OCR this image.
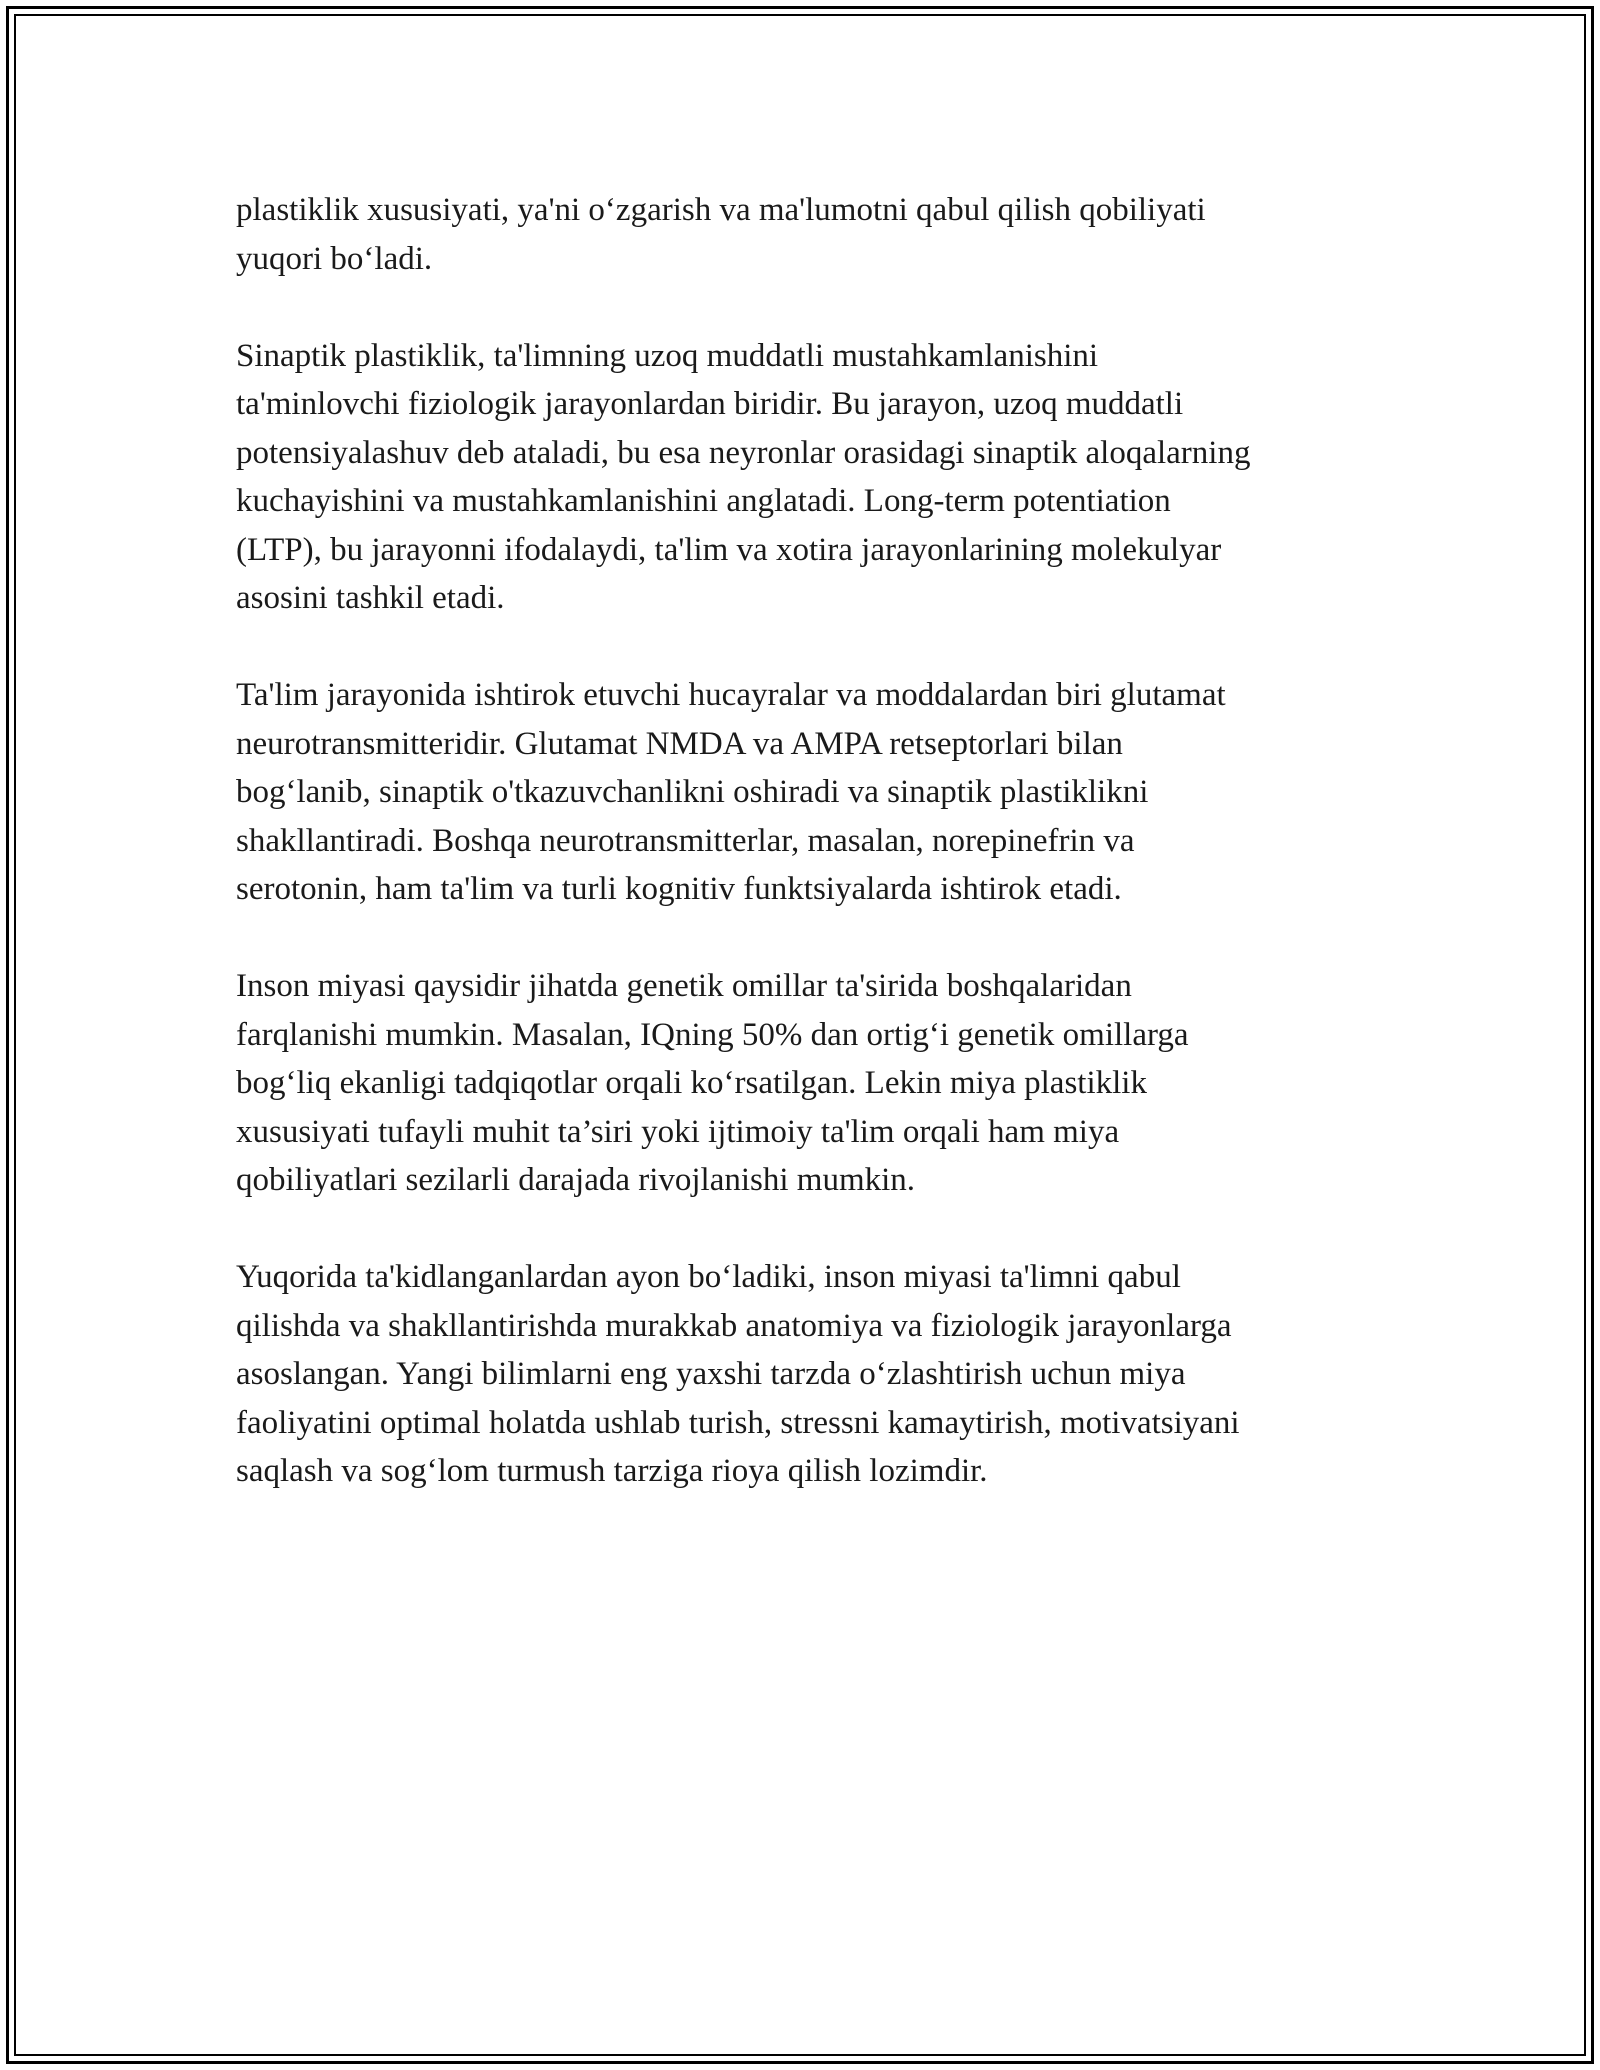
plastiklik xususiyati, ya'ni oʻzgarish va ma'lumotni qabul qilish qobiliyati
yuqori boʻladi.

Sinaptik plastiklik, ta'limning uzoq muddatli mustahkamlanishini
ta'minlovchi fiziologik jarayonlardan biridir. Bu jarayon, uzoq muddatli
potensiyalashuv deb ataladi, bu esa neyronlar orasidagi sinaptik aloqalarning
kuchayishini va mustahkamlanishini anglatadi. Long-term potentiation
(LTP), bu jarayonni ifodalaydi, ta'lim va xotira jarayonlarining molekulyar
asosini tashkil etadi.

Ta'lim jarayonida ishtirok etuvchi hucayralar va moddalardan biri glutamat
neurotransmitteridir. Glutamat NMDA va AMPA retseptorlari bilan
bogʻlanib, sinaptik o'tkazuvchanlikni oshiradi va sinaptik plastiklikni
shakllantiradi. Boshqa neurotransmitterlar, masalan, norepinefrin va
serotonin, ham ta'lim va turli kognitiv funktsiyalarda ishtirok etadi.

Inson miyasi qaysidir jihatda genetik omillar ta'sirida boshqalaridan
farqlanishi mumkin. Masalan, IQning 50% dan ortigʻi genetik omillarga
bogʻliq ekanligi tadqiqotlar orqali koʻrsatilgan. Lekin miya plastiklik
xususiyati tufayli muhit ta’siri yoki ijtimoiy ta'lim orqali ham miya
qobiliyatlari sezilarli darajada rivojlanishi mumkin.

Yuqorida ta'kidlanganlardan ayon boʻladiki, inson miyasi ta'limni qabul
qilishda va shakllantirishda murakkab anatomiya va fiziologik jarayonlarga
asoslangan. Yangi bilimlarni eng yaxshi tarzda oʻzlashtirish uchun miya
faoliyatini optimal holatda ushlab turish, stressni kamaytirish, motivatsiyani
saqlash va sogʻlom turmush tarziga rioya qilish lozimdir.
